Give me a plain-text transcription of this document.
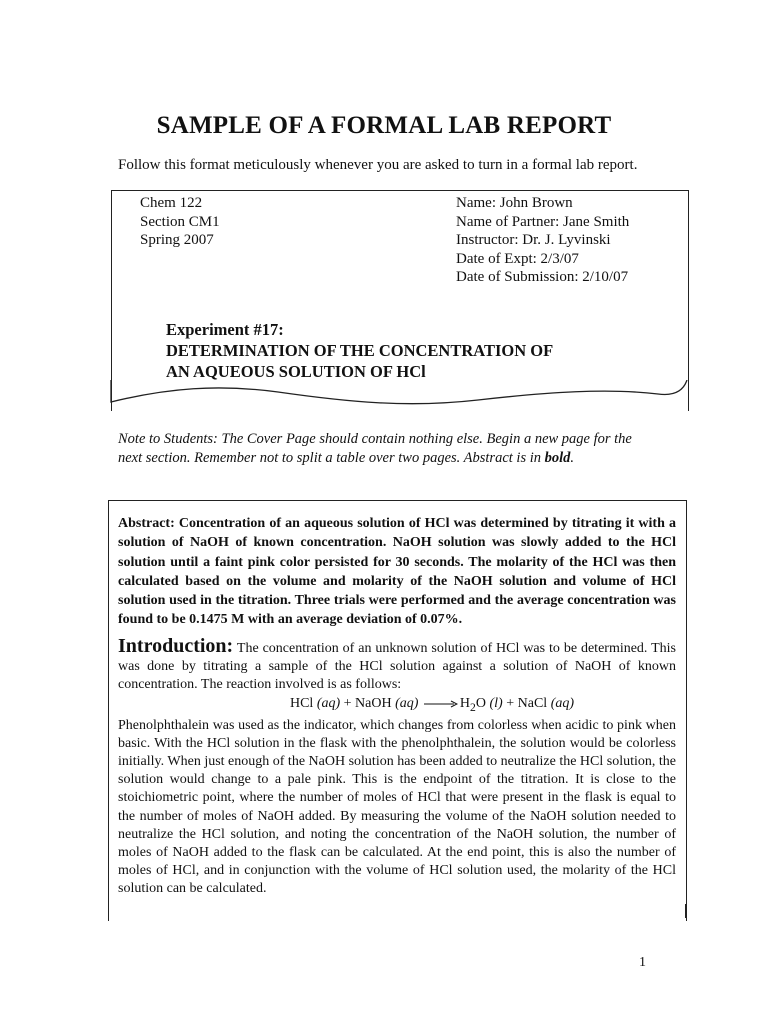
SAMPLE OF A FORMAL LAB REPORT
Follow this format meticulously whenever you are asked to turn in a formal lab report.
Chem 122
Section CM1
Spring 2007
Name: John Brown
Name of Partner: Jane Smith
Instructor: Dr. J. Lyvinski
Date of Expt: 2/3/07
Date of Submission: 2/10/07
Experiment #17:
DETERMINATION OF THE CONCENTRATION OF
AN AQUEOUS SOLUTION OF HCl
Note to Students: The Cover Page should contain nothing else. Begin a new page for the next section. Remember not to split a table over two pages. Abstract is in bold.
Abstract: Concentration of an aqueous solution of HCl was determined by titrating it with a solution of NaOH of known concentration. NaOH solution was slowly added to the HCl solution until a faint pink color persisted for 30 seconds. The molarity of the HCl was then calculated based on the volume and molarity of the NaOH solution and volume of HCl solution used in the titration. Three trials were performed and the average concentration was found to be 0.1475 M with an average deviation of 0.07%.
Introduction: The concentration of an unknown solution of HCl was to be determined. This was done by titrating a sample of the HCl solution against a solution of NaOH of known concentration. The reaction involved is as follows:
HCl (aq) + NaOH $(aq) \to H_2O$ (l) + NaCl (aq)
Phenolphthalein was used as the indicator, which changes from colorless when acidic to pink when basic. With the HCl solution in the flask with the phenolphthalein, the solution would be colorless initially. When just enough of the NaOH solution has been added to neutralize the HCl solution, the solution would change to a pale pink. This is the endpoint of the titration. It is close to the stoichiometric point, where the number of moles of HCl that were present in the flask is equal to the number of moles of NaOH added. By measuring the volume of the NaOH solution needed to neutralize the HCl solution, and noting the concentration of the NaOH solution, the number of moles of NaOH added to the flask can be calculated. At the end point, this is also the number of moles of HCl, and in conjunction with the volume of HCl solution used, the molarity of the HCl solution can be calculated.
1
